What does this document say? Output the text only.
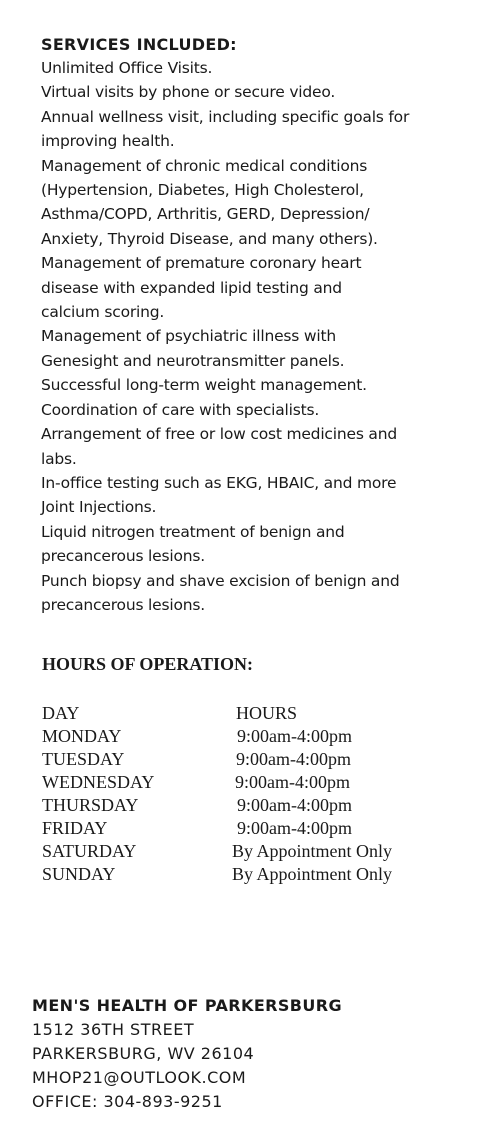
SERVICES INCLUDED:
Unlimited Office Visits.
Virtual visits by phone or secure video.
Annual wellness visit, including specific goals for
improving health.
Management of chronic medical conditions
(Hypertension, Diabetes, High Cholesterol,
Asthma/COPD, Arthritis, GERD, Depression/
Anxiety, Thyroid Disease, and many others).
Management of premature coronary heart
disease with expanded lipid testing and
calcium scoring.
Management of psychiatric illness with
Genesight and neurotransmitter panels.
Successful long-term weight management.
Coordination of care with specialists.
Arrangement of free or low cost medicines and
labs.
In-office testing such as EKG, HBAIC, and more
Joint Injections.
Liquid nitrogen treatment of benign and
precancerous lesions.
Punch biopsy and shave excision of benign and
precancerous lesions.
HOURS OF OPERATION:
DAY	HOURS
MONDAY	9:00am-4:00pm
TUESDAY	9:00am-4:00pm
WEDNESDAY	9:00am-4:00pm
THURSDAY	9:00am-4:00pm
FRIDAY	9:00am-4:00pm
SATURDAY	By Appointment Only
SUNDAY	By Appointment Only
MEN'S HEALTH OF PARKERSBURG
1512 36TH STREET
PARKERSBURG, WV 26104
MHOP21@OUTLOOK.COM
OFFICE: 304-893-9251
